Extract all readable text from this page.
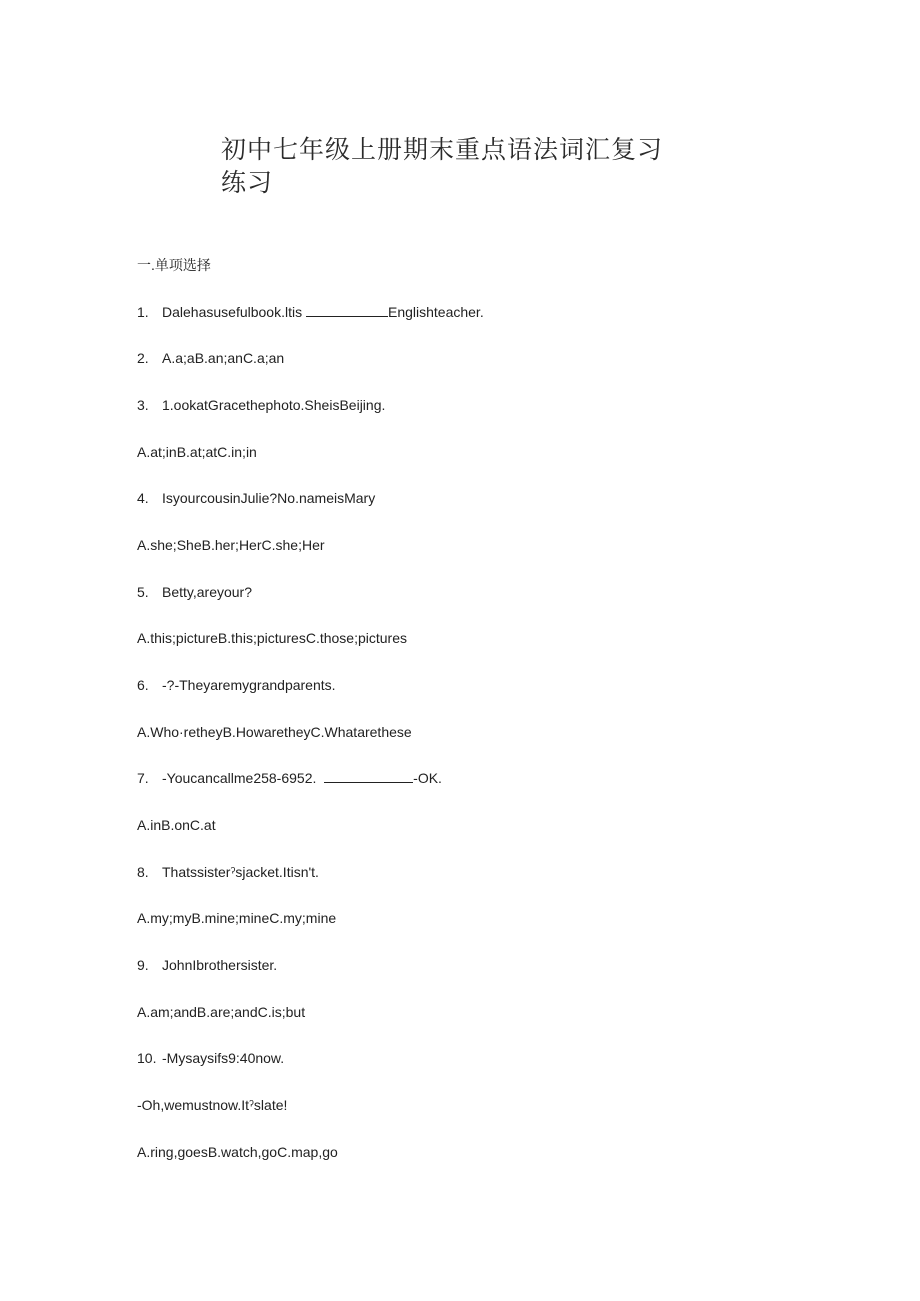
初中七年级上册期末重点语法词汇复习练习
一.单项选择
1. Dalehasusefulbook.ltis	Englishteacher.
2. A.a;aB.an;anC.a;an
3. 1.ookatGracethephoto.SheisBeijing.
A.at;inB.at;atC.in;in
4. IsyourcousinJulie?No.nameisMary
A.she;SheB.her;HerC.she;Her
5. Betty,areyour?
A.this;pictureB.this;picturesC.those;pictures
6. -?-Theyaremygrandparents.
A.Who·retheyB.HowaretheyC.Whatarethese
7. -Youcancallme258-6952.	-OK.
A.inB.onC.at
8. Thatssisterˀsjacket.Itisn't.
A.my;myB.mine;mineC.my;mine
9. JohnIbrothersister.
A.am;andB.are;andC.is;but
10. -Mysaysifs9:40now.
-Oh,wemustnow.Itˀslate!
A.ring,goesB.watch,goC.map,go
